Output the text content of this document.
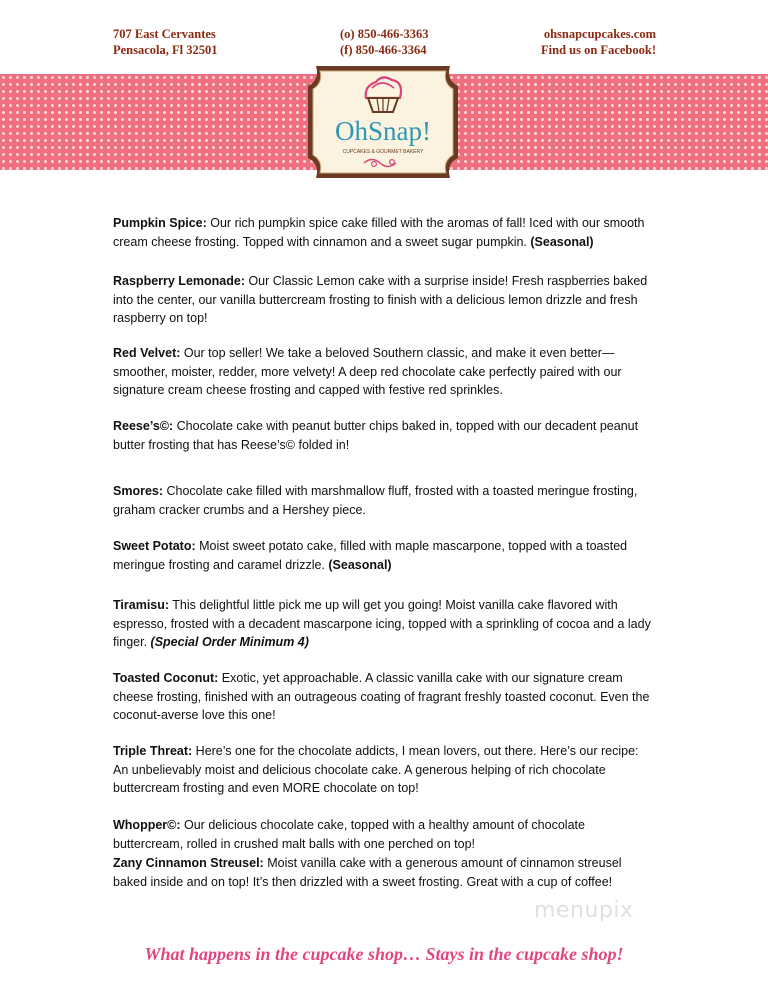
707 East Cervantes
Pensacola, Fl 32501
(o) 850-466-3363
(f) 850-466-3364
ohsnapcupcakes.com
Find us on Facebook!
OhSnap!
CUPCAKES & GOURMET BAKERY
Pumpkin Spice: Our rich pumpkin spice cake filled with the aromas of fall! Iced with our smooth cream cheese frosting. Topped with cinnamon and a sweet sugar pumpkin. (Seasonal)
Raspberry Lemonade: Our Classic Lemon cake with a surprise inside! Fresh raspberries baked into the center, our vanilla buttercream frosting to finish with a delicious lemon drizzle and fresh raspberry on top!
Red Velvet: Our top seller! We take a beloved Southern classic, and make it even better—smoother, moister, redder, more velvety! A deep red chocolate cake perfectly paired with our signature cream cheese frosting and capped with festive red sprinkles.
Reese’s©: Chocolate cake with peanut butter chips baked in, topped with our decadent peanut butter frosting that has Reese’s© folded in!
Smores: Chocolate cake filled with marshmallow fluff, frosted with a toasted meringue frosting, graham cracker crumbs and a Hershey piece.
Sweet Potato: Moist sweet potato cake, filled with maple mascarpone, topped with a toasted meringue frosting and caramel drizzle. (Seasonal)
Tiramisu: This delightful little pick me up will get you going! Moist vanilla cake flavored with espresso, frosted with a decadent mascarpone icing, topped with a sprinkling of cocoa and a lady finger. (Special Order Minimum 4)
Toasted Coconut: Exotic, yet approachable. A classic vanilla cake with our signature cream cheese frosting, finished with an outrageous coating of fragrant freshly toasted coconut. Even the coconut-averse love this one!
Triple Threat: Here’s one for the chocolate addicts, I mean lovers, out there. Here’s our recipe: An unbelievably moist and delicious chocolate cake. A generous helping of rich chocolate buttercream frosting and even MORE chocolate on top!
Whopper©: Our delicious chocolate cake, topped with a healthy amount of chocolate buttercream, rolled in crushed malt balls with one perched on top!
Zany Cinnamon Streusel: Moist vanilla cake with a generous amount of cinnamon streusel baked inside and on top! It’s then drizzled with a sweet frosting. Great with a cup of coffee!
menupix
What happens in the cupcake shop… Stays in the cupcake shop!
